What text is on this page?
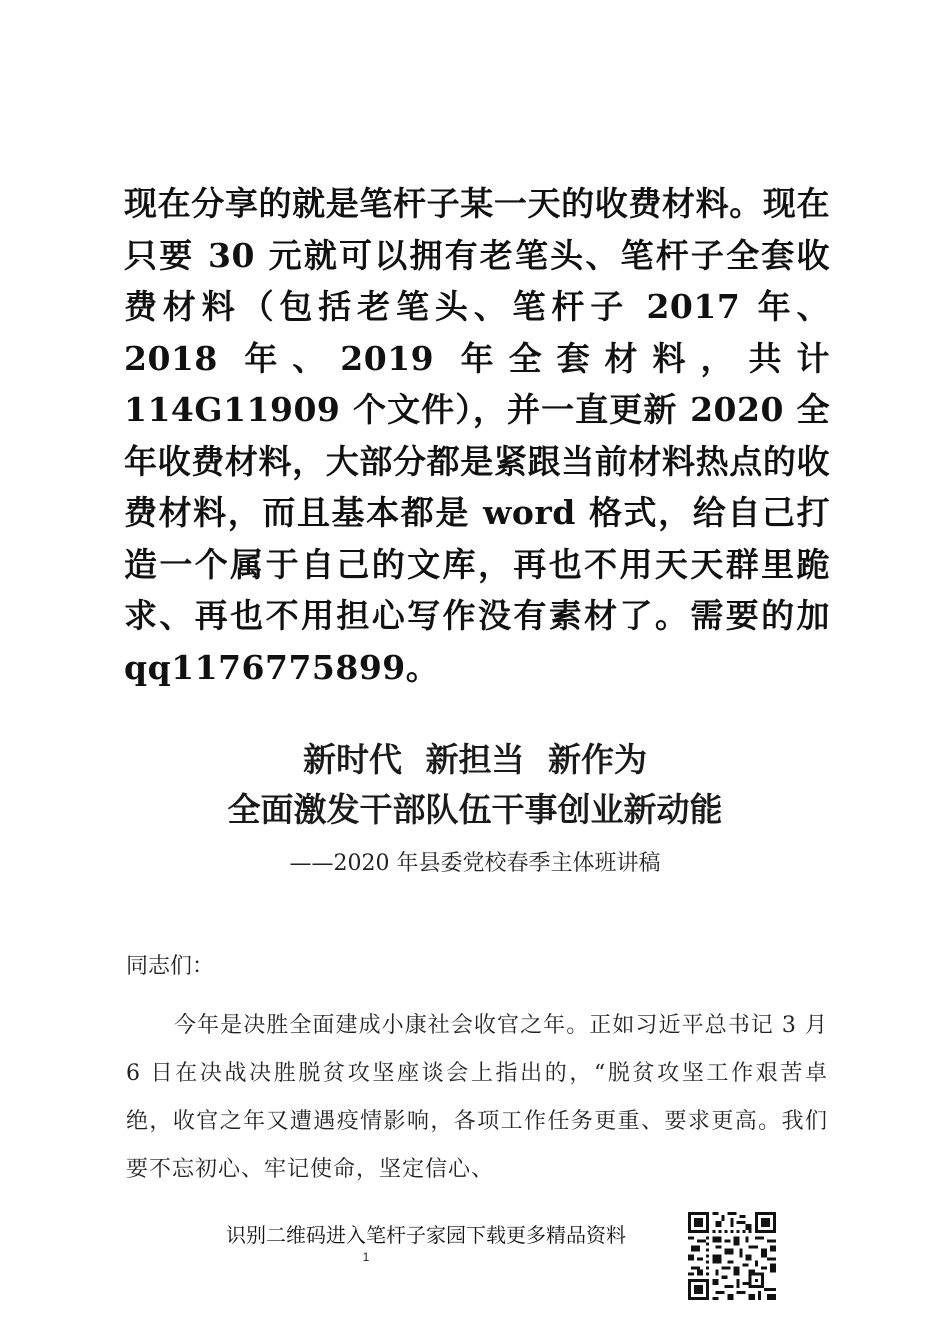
现在分享的就是笔杆子某一天的收费材料。现在只要 30 元就可以拥有老笔头、笔杆子全套收费材料（包括老笔头、笔杆子 2017 年、2018 年、2019 年全套材料，共计 114G11909 个文件），并一直更新 2020 全年收费材料，大部分都是紧跟当前材料热点的收费材料，而且基本都是 word 格式，给自己打造一个属于自己的文库，再也不用天天群里跪求、再也不用担心写作没有素材了。需要的加 qq1176775899。
新时代 新担当 新作为
全面激发干部队伍干事创业新动能
——2020 年县委党校春季主体班讲稿
同志们：
今年是决胜全面建成小康社会收官之年。正如习近平总书记 3 月 6 日在决战决胜脱贫攻坚座谈会上指出的，“脱贫攻坚工作艰苦卓绝，收官之年又遭遇疫情影响，各项工作任务更重、要求更高。我们要不忘初心、牢记使命，坚定信心、
识别二维码进入笔杆子家园下载更多精品资料
1
